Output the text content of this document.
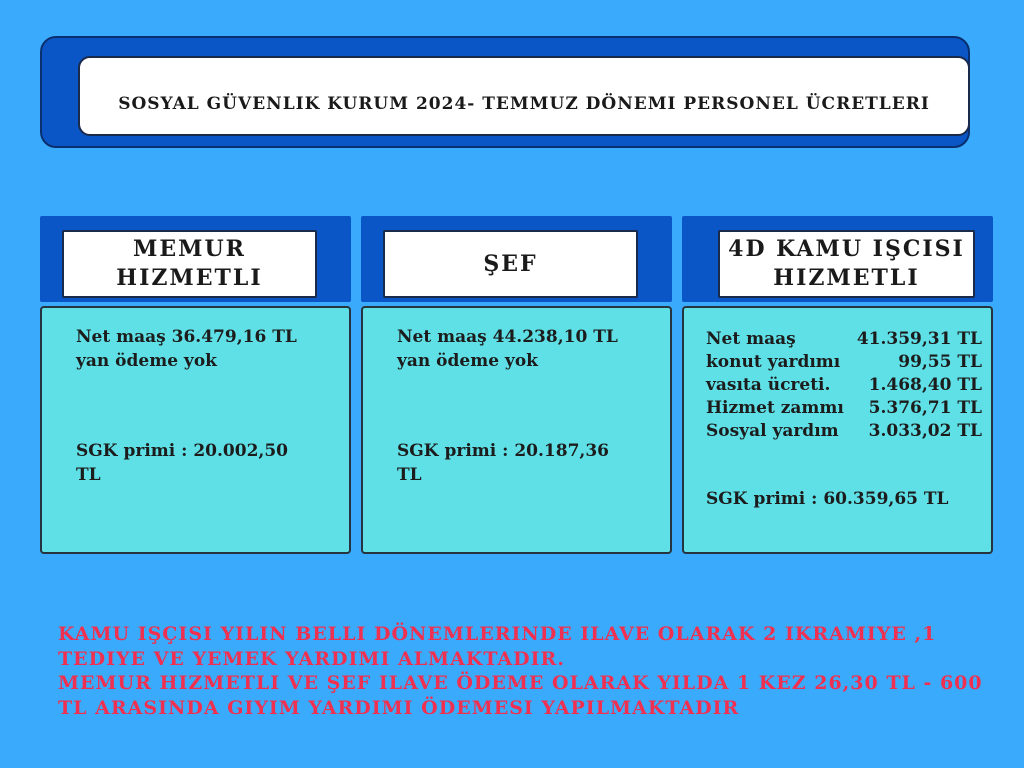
SOSYAL GÜVENLIK KURUM 2024- TEMMUZ DÖNEMI PERSONEL ÜCRETLERI
MEMUR HIZMETLI
Net maaş 36.479,16 TL
yan ödeme yok
SGK primi : 20.002,50 TL
ŞEF
Net maaş 44.238,10 TL
yan ödeme yok
SGK primi : 20.187,36 TL
4D KAMU IŞCISI HIZMETLI
Net maaş	41.359,31 TL
konut yardımı	99,55 TL
vasıta ücreti. 1.468,40 TL
Hizmet zammı 5.376,71 TL
Sosyal yardım 3.033,02 TL
SGK primi : 60.359,65 TL

KAMU IŞÇISI YILIN BELLI DÖNEMLERINDE ILAVE OLARAK 2 IKRAMIYE ,1 TEDIYE VE YEMEK YARDIMI ALMAKTADIR.

MEMUR HIZMETLI VE ŞEF ILAVE ÖDEME OLARAK YILDA 1 KEZ 26,30 TL - 600 TL ARASINDA GIYIM YARDIMI ÖDEMESI YAPILMAKTADIR
